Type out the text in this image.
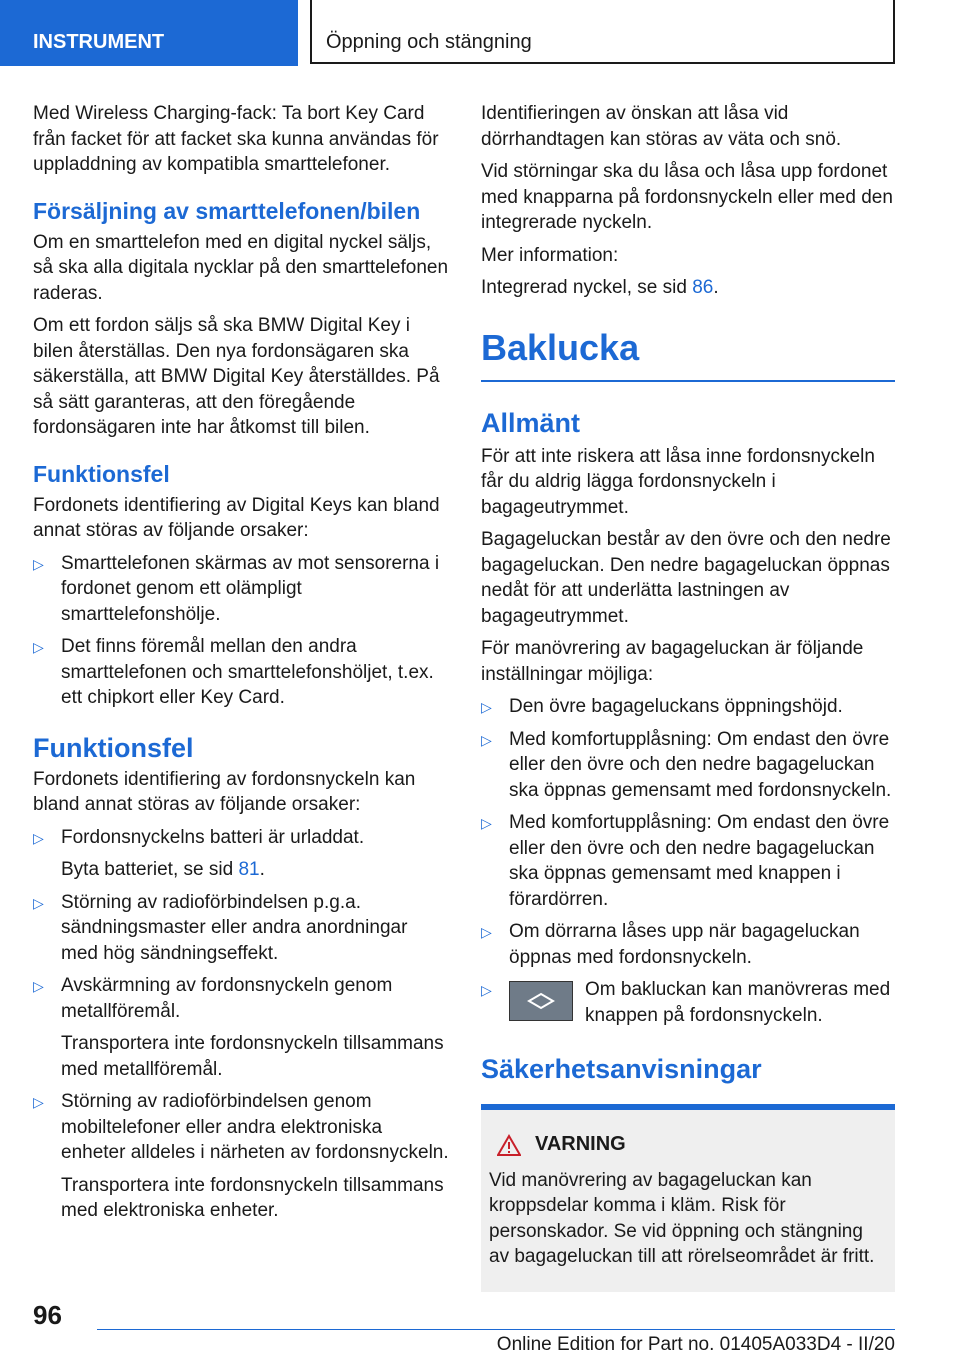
INSTRUMENT	Öppning och stängning

Med Wireless Charging-fack: Ta bort Key Card från facket för att facket ska kunna användas för uppladdning av kompatibla smarttelefoner.

Försäljning av smarttelefonen/bilen

Om en smarttelefon med en digital nyckel säljs, så ska alla digitala nycklar på den smarttelefonen raderas.

Om ett fordon säljs så ska BMW Digital Key i bilen återställas. Den nya fordonsägaren ska säkerställa, att BMW Digital Key återställdes. På så sätt garanteras, att den föregående fordonsägaren inte har åtkomst till bilen.

Funktionsfel

Fordonets identifiering av Digital Keys kan bland annat störas av följande orsaker:

▷ Smarttelefonen skärmas av mot sensorerna i fordonet genom ett olämpligt smarttelefonshölje.
▷ Det finns föremål mellan den andra smarttelefonen och smarttelefonshöljet, t.ex. ett chipkort eller Key Card.
Funktionsfel

Fordonets identifiering av fordonsnyckeln kan bland annat störas av följande orsaker:

▷ Fordonsnyckelns batteri är urladdat.
Byta batteriet, se sid 81.
▷ Störning av radioförbindelsen p.g.a. sändningsmaster eller andra anordningar med hög sändningseffekt.
▷ Avskärmning av fordonsnyckeln genom metallföremål.
Transportera inte fordonsnyckeln tillsammans med metallföremål.
▷ Störning av radioförbindelsen genom mobiltelefoner eller andra elektroniska enheter alldeles i närheten av fordonsnyckeln.
Transportera inte fordonsnyckeln tillsammans med elektroniska enheter.

Identifieringen av önskan att låsa vid dörrhandtagen kan störas av väta och snö.

Vid störningar ska du låsa och låsa upp fordonet med knapparna på fordonsnyckeln eller med den integrerade nyckeln.

Mer information:

Integrerad nyckel, se sid 86.

Baklucka
Allmänt

För att inte riskera att låsa inne fordonsnyckeln får du aldrig lägga fordonsnyckeln i bagageutrymmet.

Bagageluckan består av den övre och den nedre bagageluckan. Den nedre bagageluckan öppnas nedåt för att underlätta lastningen av bagageutrymmet.

För manövrering av bagageluckan är följande inställningar möjliga:

▷ Den övre bagageluckans öppningshöjd.
▷ Med komfortupplåsning: Om endast den övre eller den övre och den nedre bagageluckan ska öppnas gemensamt med fordonsnyckeln.
▷ Med komfortupplåsning: Om endast den övre eller den övre och den nedre bagageluckan ska öppnas gemensamt med knappen i förardörren.
▷ Om dörrarna låses upp när bagageluckan öppnas med fordonsnyckeln.
▷	Om bakluckan kan manövreras med knappen på fordonsnyckeln.
Säkerhetsanvisningar
VARNING
Vid manövrering av bagageluckan kan kroppsdelar komma i kläm. Risk för personskador. Se vid öppning och stängning av bagageluckan till att rörelseområdet är fritt.
96
Online Edition for Part no. 01405A033D4 - II/20
